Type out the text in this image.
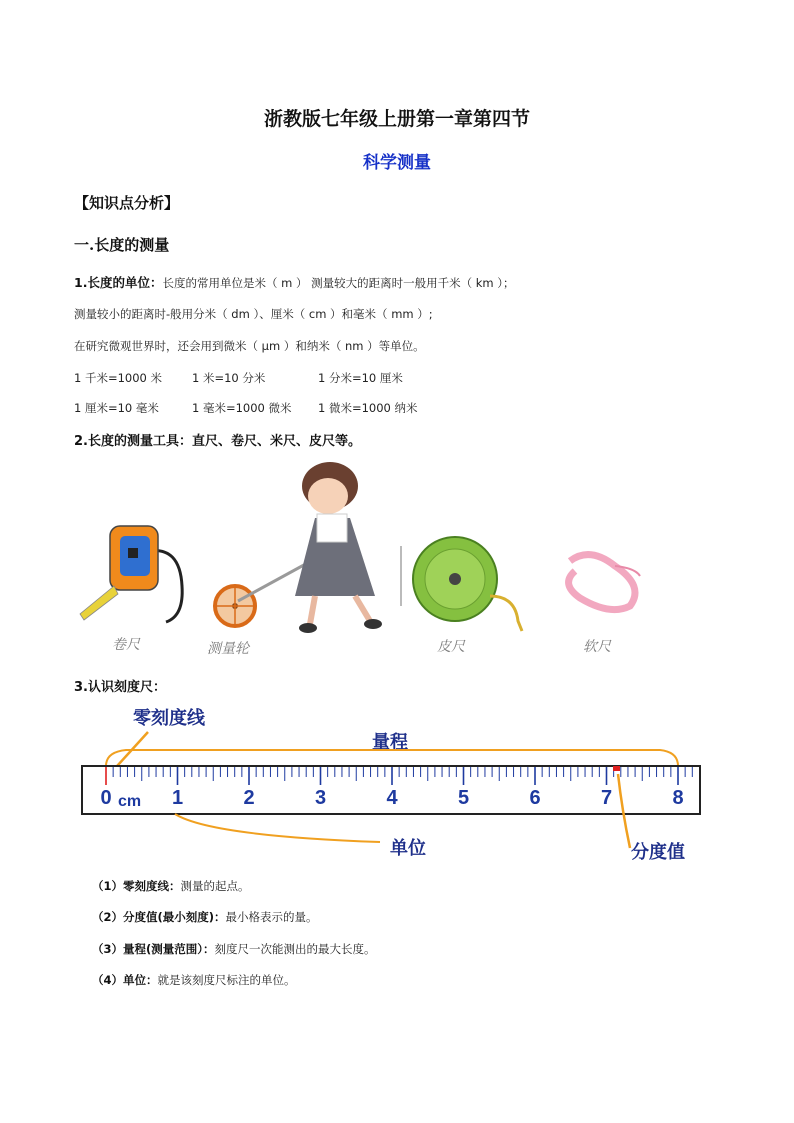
浙教版七年级上册第一章第四节
科学测量
【知识点分析】
一.长度的测量
1.长度的单位：长度的常用单位是米（ m ） 测量较大的距离时一般用千米（ km ）；
测量较小的距离时-般用分米（ dm ）、厘米（ cm ）和毫米（ mm ）;
在研究微观世界时，还会用到微米（ μm ）和纳米（ nm ）等单位。
1 千米=1000 米	1 米=10 分米	1 分米=10 厘米
1 厘米=10 毫米	1 毫米=1000 微米 1 微米=1000 纳米
2.长度的测量工具：直尺、卷尺、米尺、皮尺等。
卷尺	测量轮	皮尺	软尺
3.认识刻度尺：
零刻度线
量程
单位	分度值
0	1	2	3	4	5	6	7	8
cm
（1）零刻度线：测量的起点。
（2）分度值(最小刻度)：最小格表示的量。
（3）量程(测量范围）：刻度尺一次能测出的最大长度。
（4）单位：就是该刻度尺标注的单位。
